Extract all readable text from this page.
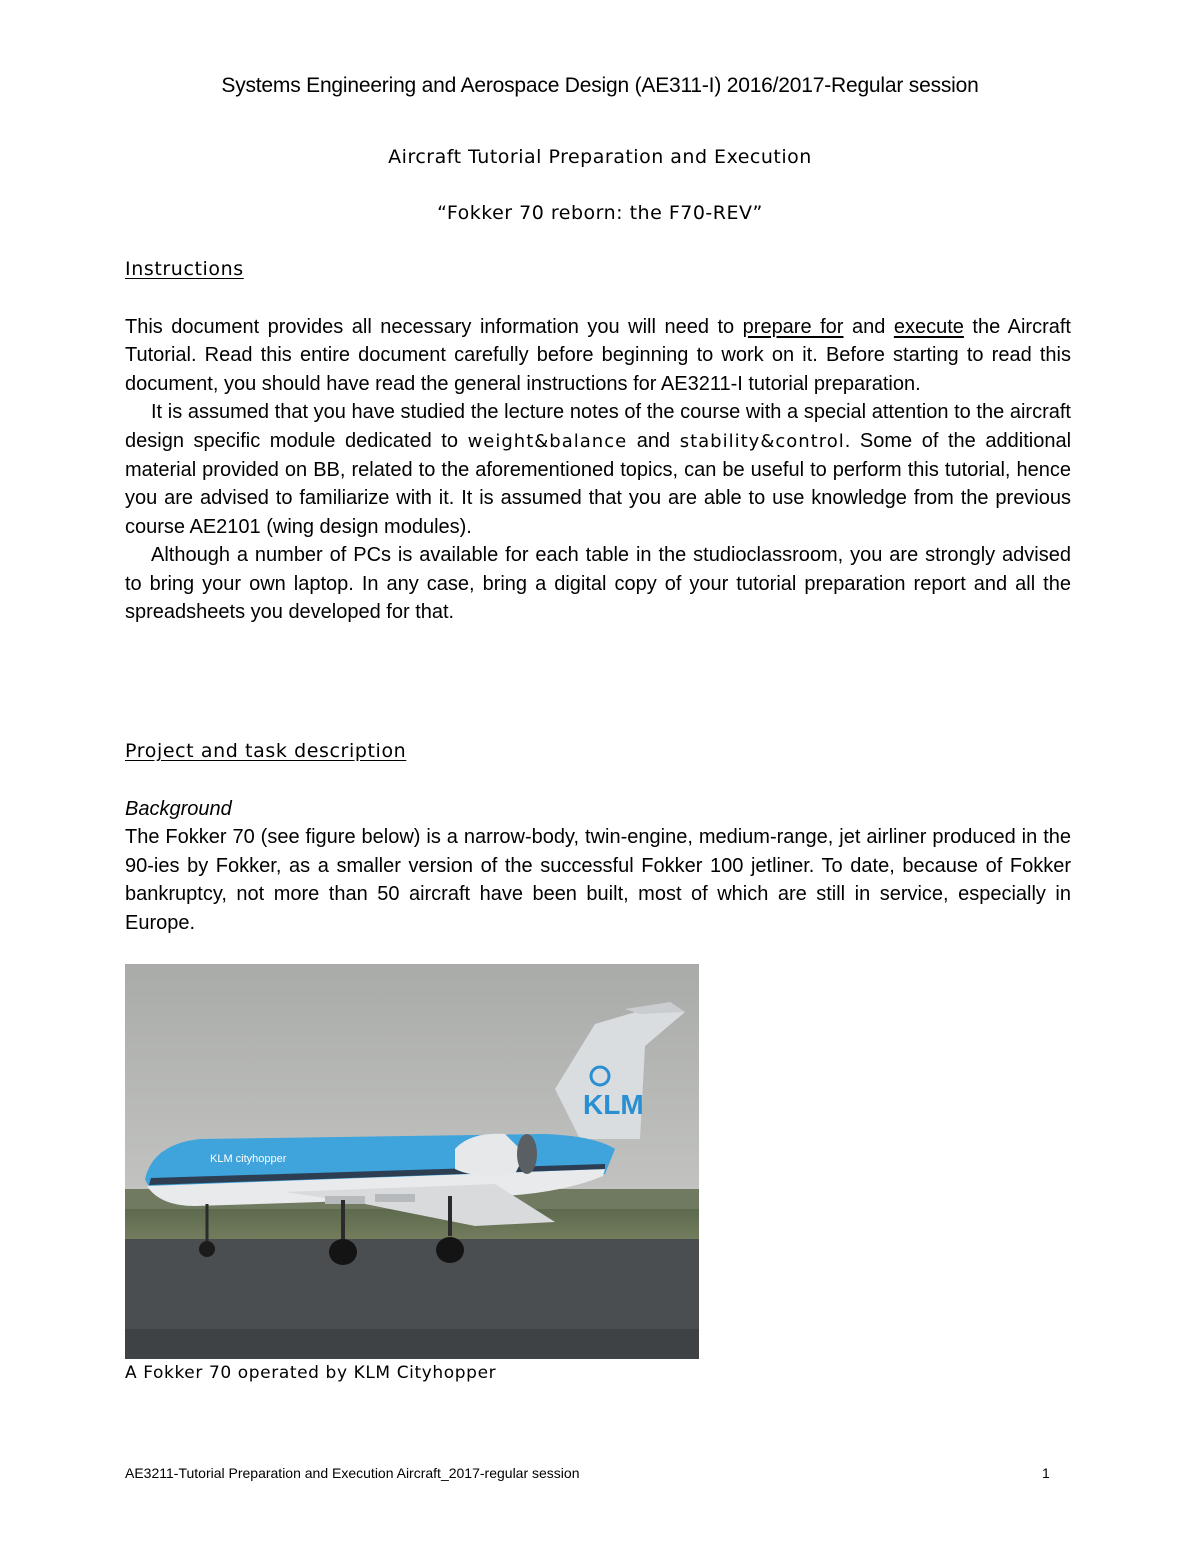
Systems Engineering and Aerospace Design (AE311-I) 2016/2017-Regular session
Aircraft Tutorial Preparation and Execution
“Fokker 70 reborn: the F70-REV”
Instructions

This document provides all necessary information you will need to prepare for and execute the Aircraft Tutorial. Read this entire document carefully before beginning to work on it. Before starting to read this document, you should have read the general instructions for AE3211-I tutorial preparation.

It is assumed that you have studied the lecture notes of the course with a special attention to the aircraft design specific module dedicated to weight&balance and stability&control. Some of the additional material provided on BB, related to the aforementioned topics, can be useful to perform this tutorial, hence you are advised to familiarize with it. It is assumed that you are able to use knowledge from the previous course AE2101 (wing design modules).

Although a number of PCs is available for each table in the studioclassroom, you are strongly advised to bring your own laptop. In any case, bring a digital copy of your tutorial preparation report and all the spreadsheets you developed for that.

Project and task description
Background

The Fokker 70 (see figure below) is a narrow-body, twin-engine, medium-range, jet airliner produced in the 90-ies by Fokker, as a smaller version of the successful Fokker 100 jetliner. To date, because of Fokker bankruptcy, not more than 50 aircraft have been built, most of which are still in service, especially in Europe.

KLM
KLM cityhopper
A Fokker 70 operated by KLM Cityhopper
AE3211-Tutorial Preparation and Execution Aircraft_2017-regular session	1
